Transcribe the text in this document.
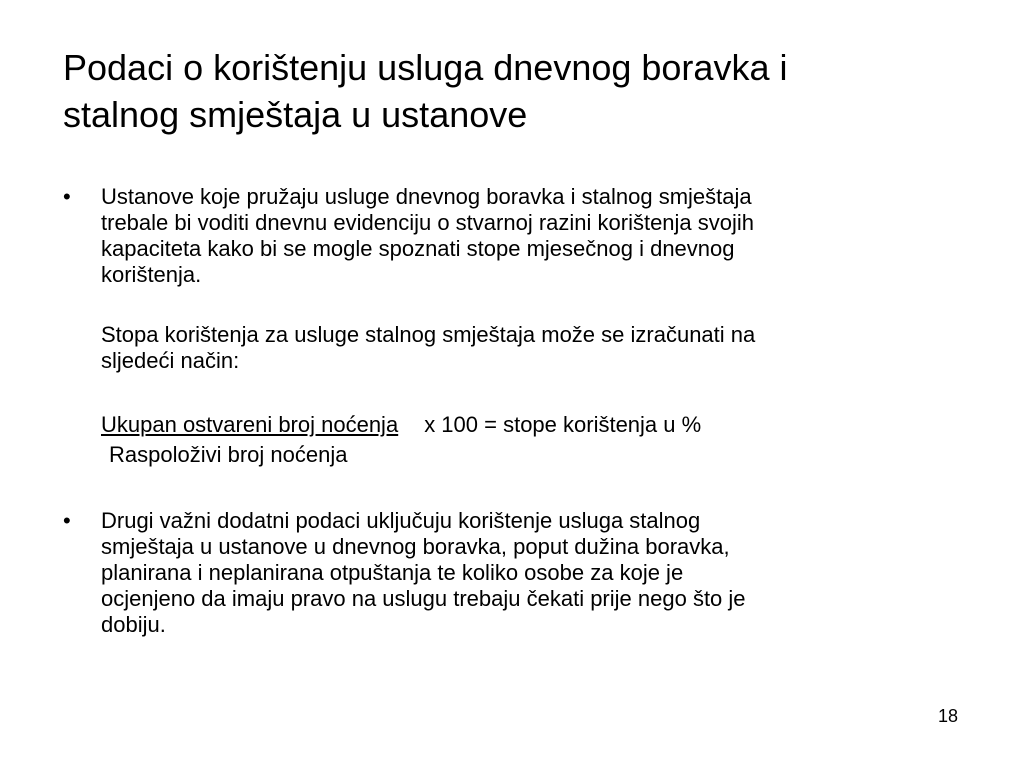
Podaci o korištenju usluga dnevnog boravka i
stalnog smještaja u ustanove
• Ustanove koje pružaju usluge dnevnog boravka i stalnog smještaja
trebale bi voditi dnevnu evidenciju o stvarnoj razini korištenja svojih
kapaciteta kako bi se mogle spoznati stope mjesečnog i dnevnog
korištenja.
Stopa korištenja za usluge stalnog smještaja može se izračunati na
sljedeći način:
Ukupan ostvareni broj noćenja x 100 = stope korištenja u %
Raspoloživi broj noćenja
• Drugi važni dodatni podaci uključuju korištenje usluga stalnog
smještaja u ustanove u dnevnog boravka, poput dužina boravka,
planirana i neplanirana otpuštanja te koliko osobe za koje je
ocjenjeno da imaju pravo na uslugu trebaju čekati prije nego što je
dobiju.
18
